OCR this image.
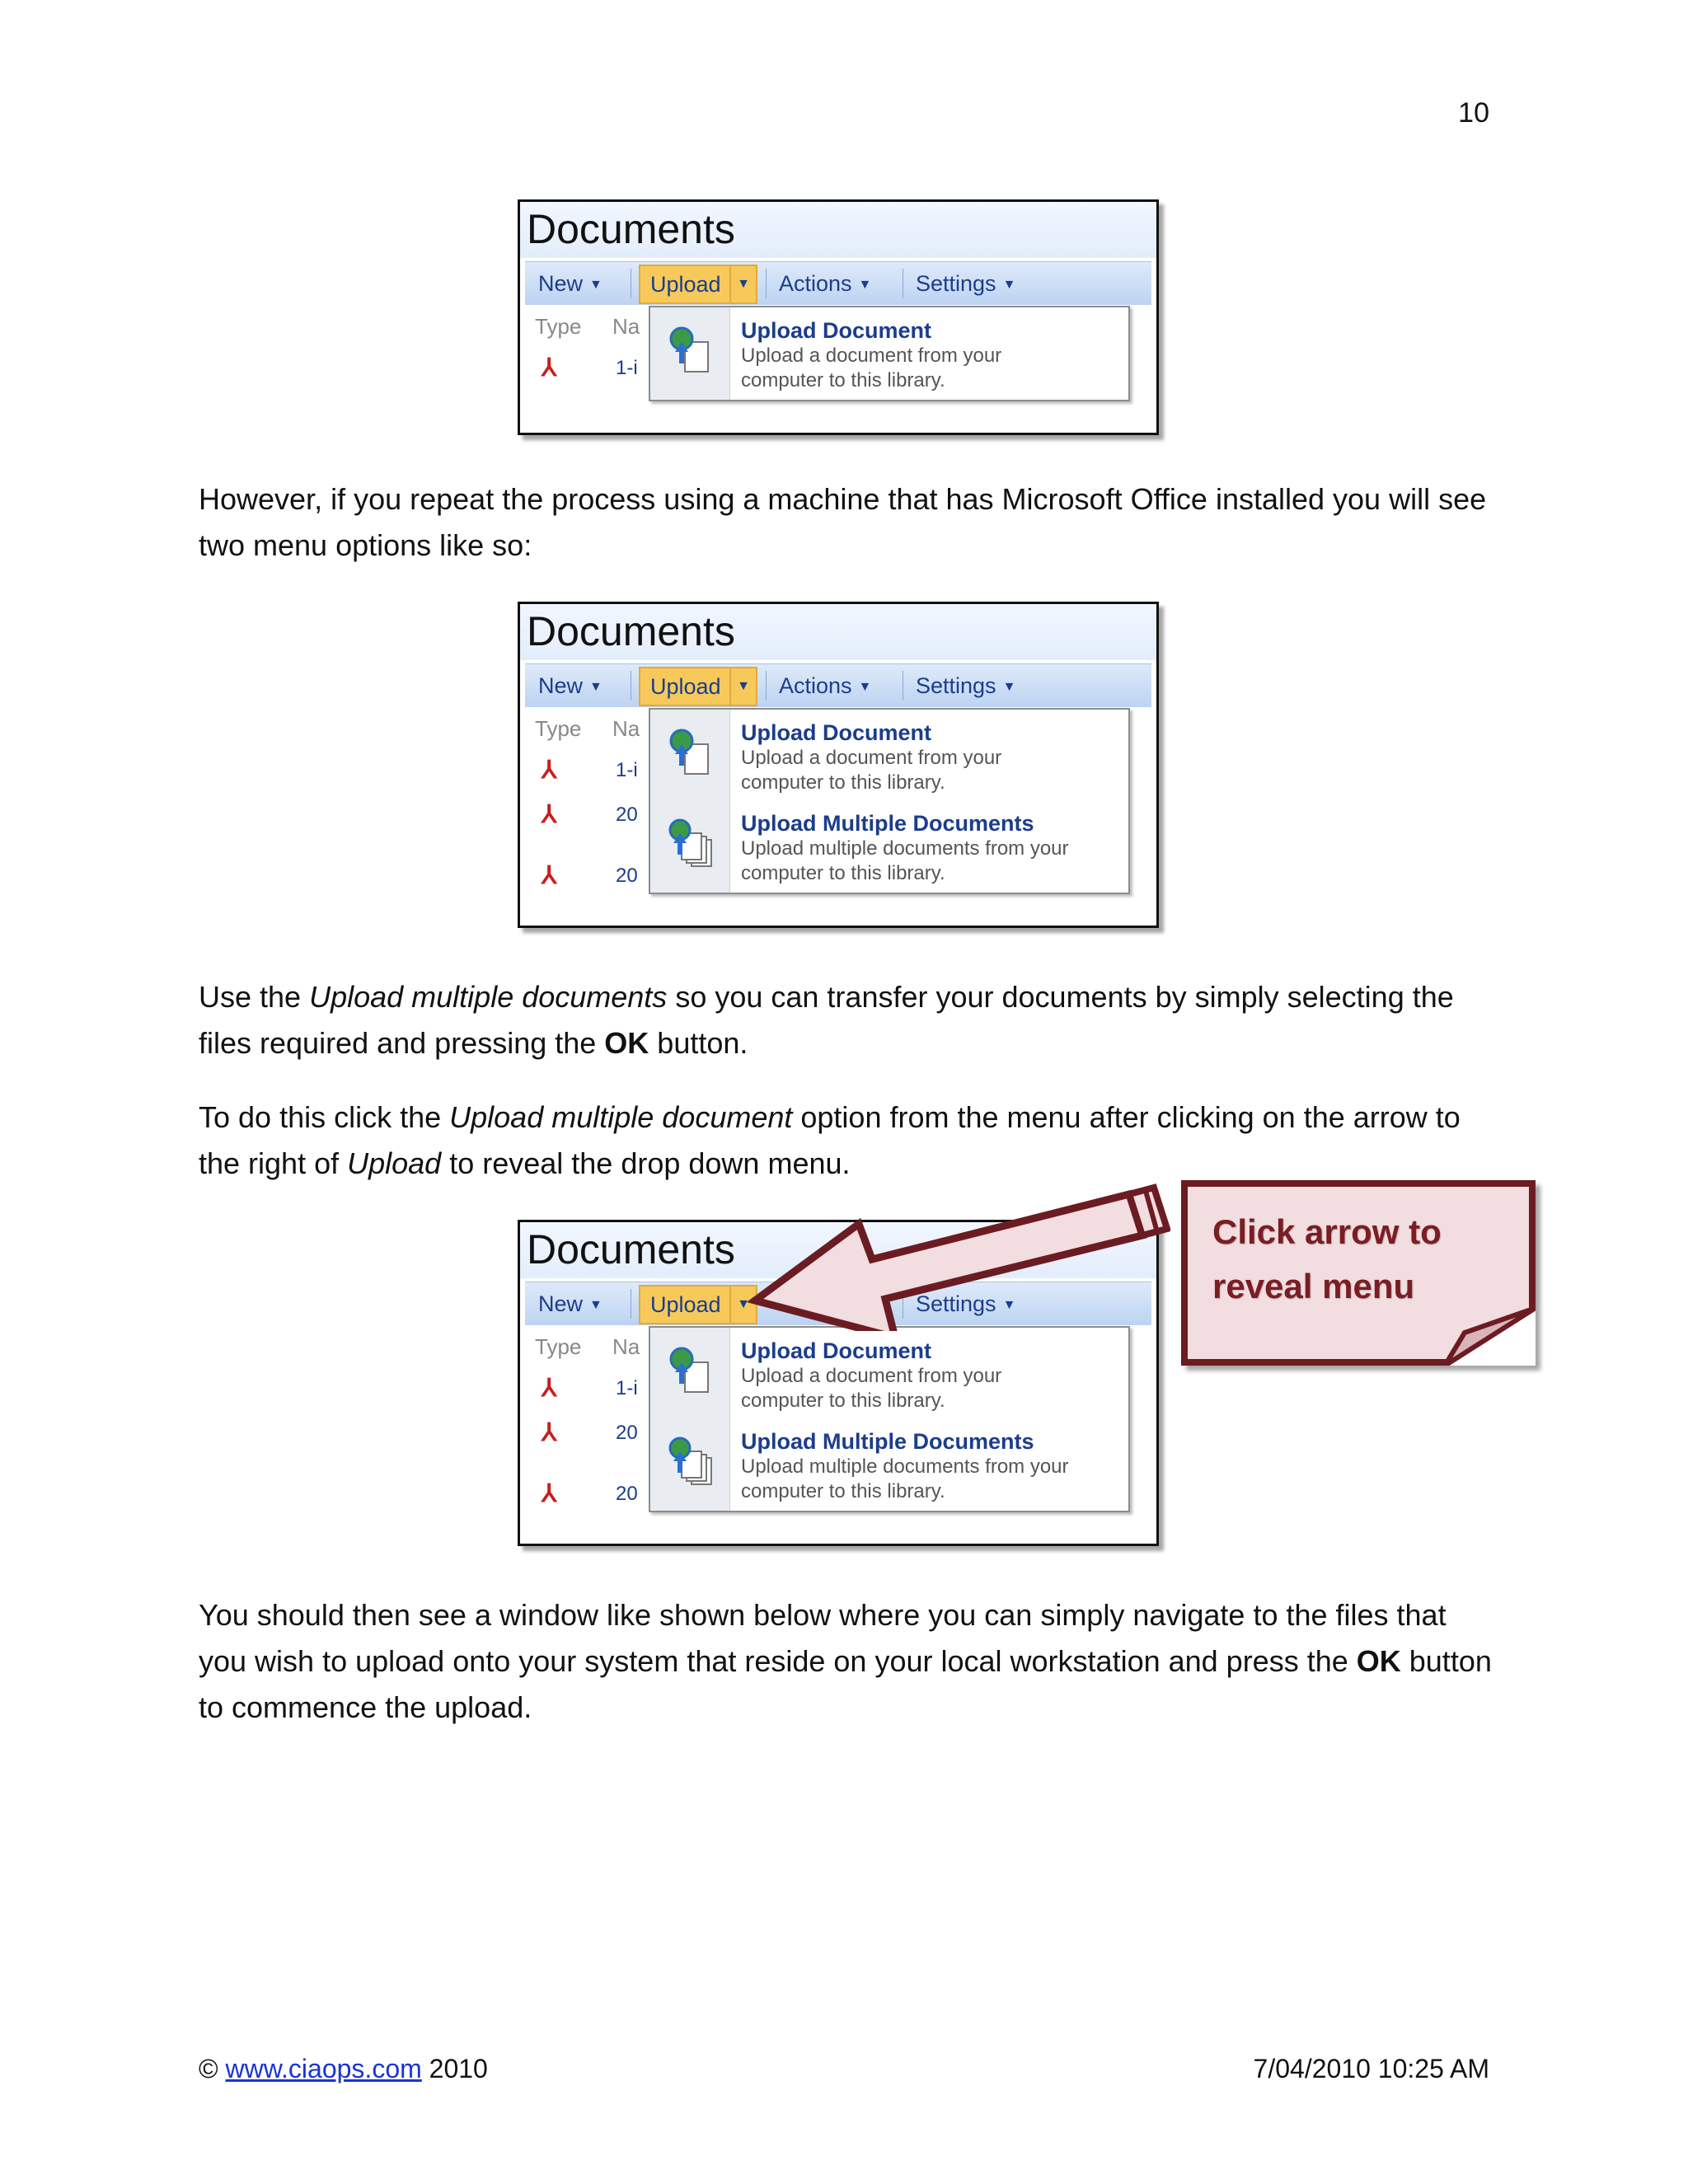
10
Documents
New ▼	Upload	▼	Actions ▼ Settings ▼
Type Na
⅄	1-i
Upload Document
Upload a document from your
computer to this library.

However, if you repeat the process using a machine that has Microsoft Office installed you will see two menu options like so:

Documents
New ▼	Upload	▼	Actions ▼ Settings ▼
Type Na
⅄	1-i
⅄	20
⅄	20
Upload Document
Upload a document from your
computer to this library.
Upload Multiple Documents
Upload multiple documents from your
computer to this library.

Use the Upload multiple documents so you can transfer your documents by simply selecting the files required and pressing the OK button.

To do this click the Upload multiple document option from the menu after clicking on the arrow to the right of Upload to reveal the drop down menu.

Documents
New ▼	Upload	▼	Settings ▼
Type Na
⅄	1-i
⅄	20
⅄	20
Upload Document
Upload a document from your
computer to this library.
Upload Multiple Documents
Upload multiple documents from your
computer to this library.
Click arrow to
reveal menu

You should then see a window like shown below where you can simply navigate to the files that you wish to upload onto your system that reside on your local workstation and press the OK button to commence the upload.

© www.ciaops.com 2010	7/04/2010 10:25 AM
